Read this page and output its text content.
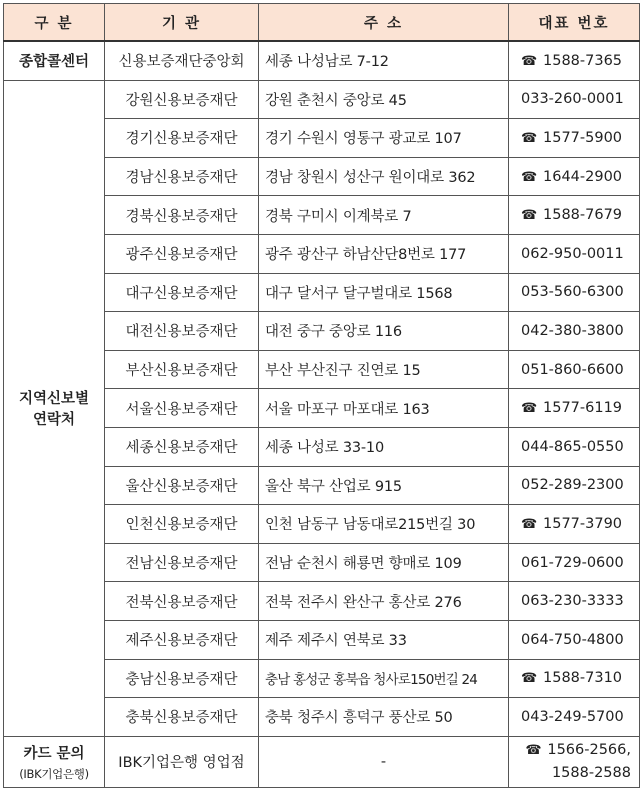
구 분	기 관	주 소	대표 번호
종합콜센터	신용보증재단중앙회	세종 나성남로 7-12	☎ 1588-7365
지역신보별
연락처	강원신용보증재단	강원 춘천시 중앙로 45	033-260-0001
	경기신용보증재단	경기 수원시 영통구 광교로 107	☎ 1577-5900
	경남신용보증재단	경남 창원시 성산구 원이대로 362	☎ 1644-2900
	경북신용보증재단	경북 구미시 이계북로 7	☎ 1588-7679
	광주신용보증재단	광주 광산구 하남산단8번로 177	062-950-0011
	대구신용보증재단	대구 달서구 달구벌대로 1568	053-560-6300
	대전신용보증재단	대전 중구 중앙로 116	042-380-3800
	부산신용보증재단	부산 부산진구 진연로 15	051-860-6600
	서울신용보증재단	서울 마포구 마포대로 163	☎ 1577-6119
	세종신용보증재단	세종 나성로 33-10	044-865-0550
	울산신용보증재단	울산 북구 산업로 915	052-289-2300
	인천신용보증재단	인천 남동구 남동대로215번길 30	☎ 1577-3790
	전남신용보증재단	전남 순천시 해룡면 향매로 109	061-729-0600
	전북신용보증재단	전북 전주시 완산구 홍산로 276	063-230-3333
	제주신용보증재단	제주 제주시 연북로 33	064-750-4800
	충남신용보증재단	충남 홍성군 홍북읍 청사로150번길 24	☎ 1588-7310
	충북신용보증재단	충북 청주시 흥덕구 풍산로 50	043-249-5700
카드 문의
(IBK기업은행)	IBK기업은행 영업점	-	☎ 1566-2566,
1588-2588
